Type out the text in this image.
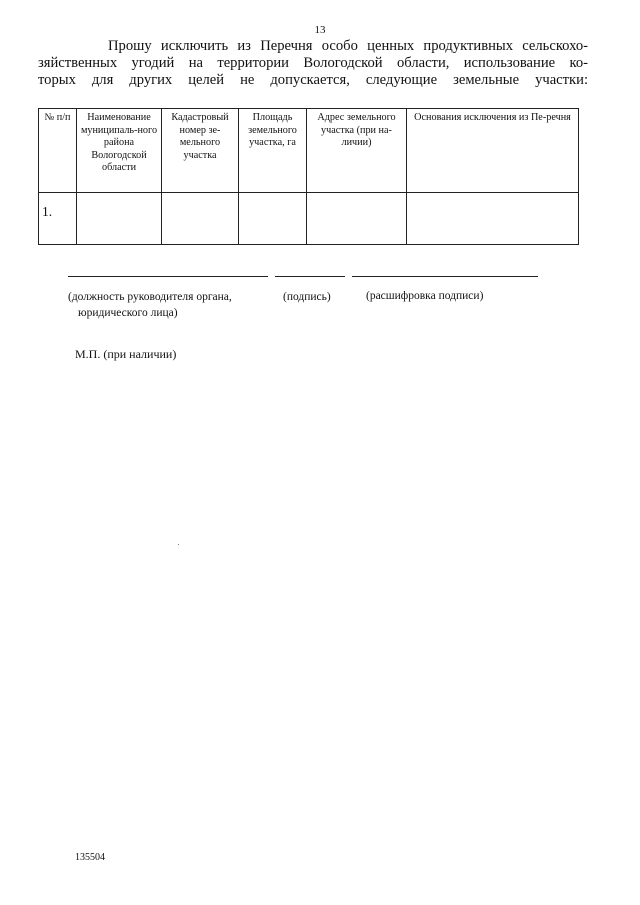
13
Прошу исключить из Перечня особо ценных продуктивных сельскохо-
зяйственных угодий на территории Вологодской области, использование ко-
торых для других целей не допускается, следующие земельные участки:
№ п/п	Наименование муниципаль-ного района Вологодской области	Кадастровый номер зе-мельного участка	Площадь земельного участка, га	Адрес земельного участка (при на-личии)	Основания исключения из Пе-речня
1.					
(должность руководителя органа,
юридического лица)
(подпись)	(расшифровка подписи)
М.П. (при наличии)
135504
